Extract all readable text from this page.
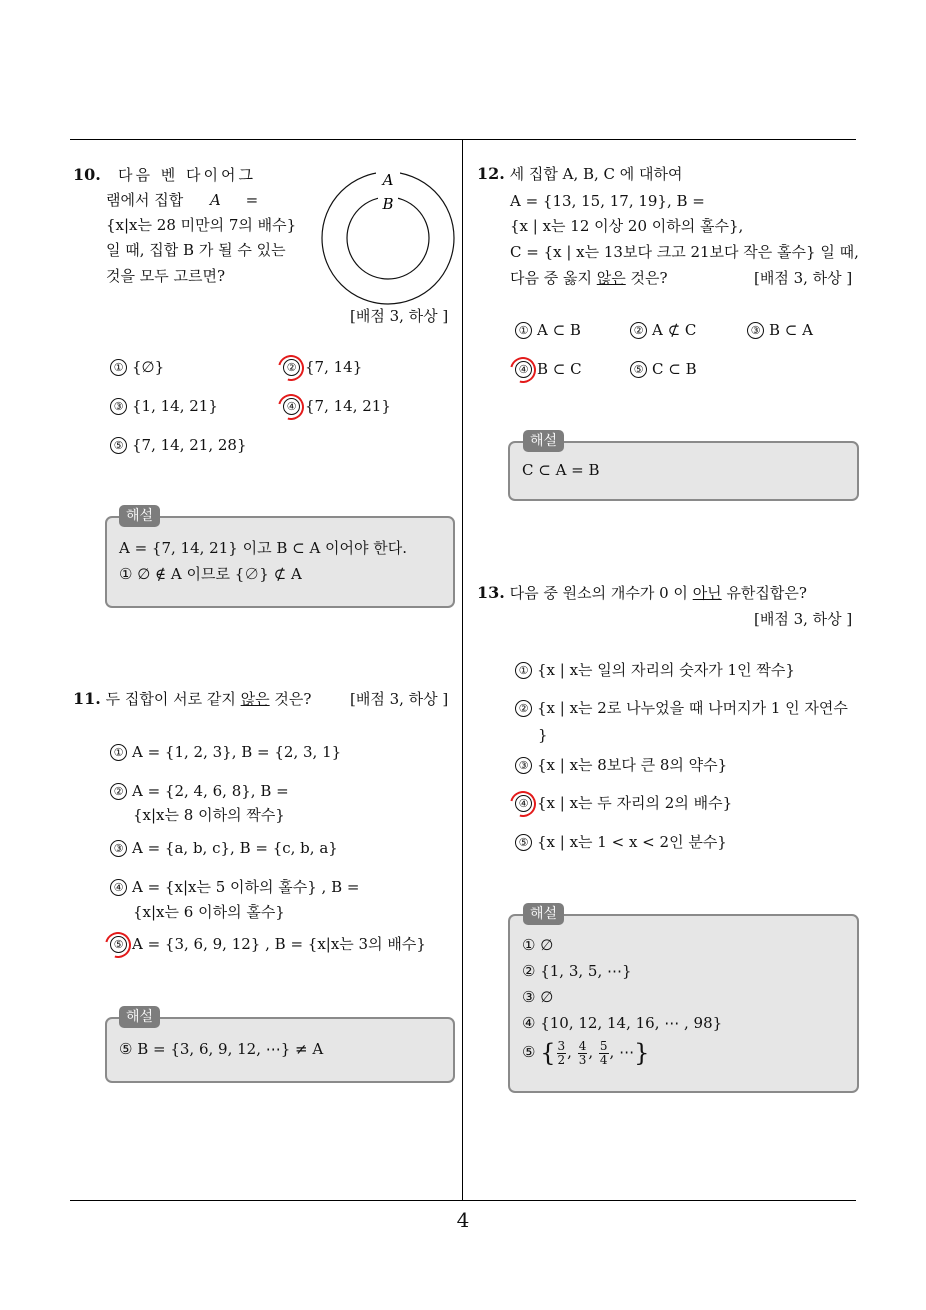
10. 다음 벤 다이어그
램에서 집합 A =
{x|x는 28 미만의 7의 배수}
일 때, 집합 B 가 될 수 있는
것을 모두 고르면?
A
B
[배점 3, 하상 ]
① {∅}	② {7, 14}
③ {1, 14, 21}	④ {7, 14, 21}
⑤ {7, 14, 21, 28}
A = {7, 14, 21} 이고 B ⊂ A 이어야 한다.
① ∅ ∉ A 이므로 {∅} ⊄ A
해설
11. 두 집합이 서로 같지 않은 것은?	[배점 3, 하상 ]
① A = {1, 2, 3}, B = {2, 3, 1}
② A = {2, 4, 6, 8}, B =
{x|x는 8 이하의 짝수}
③ A = {a, b, c}, B = {c, b, a}
④ A = {x|x는 5 이하의 홀수} , B =
{x|x는 6 이하의 홀수}
⑤ A = {3, 6, 9, 12} , B = {x|x는 3의 배수}
⑤ B = {3, 6, 9, 12, ⋯} ≠ A
해설
12. 세 집합 A, B, C 에 대하여
A = {13, 15, 17, 19}, B =
{x | x는 12 이상 20 이하의 홀수},
C = {x | x는 13보다 크고 21보다 작은 홀수} 일 때,
다음 중 옳지 않은 것은?	[배점 3, 하상 ]
① A ⊂ B	② A ⊄ C	③ B ⊂ A
④ B ⊂ C	⑤ C ⊂ B
C ⊂ A = B
해설
13. 다음 중 원소의 개수가 0 이 아닌 유한집합은?
[배점 3, 하상 ]
① {x | x는 일의 자리의 숫자가 1인 짝수}
② {x | x는 2로 나누었을 때 나머지가 1 인 자연수
}
③ {x | x는 8보다 큰 8의 약수}
④ {x | x는 두 자리의 2의 배수}
⑤ {x | x는 1 < x < 2인 분수}
① ∅
② {1, 3, 5, ⋯}
③ ∅
④ {10, 12, 14, 16, ⋯ , 98}
⑤ { $\frac{3}{2}$ , $\frac{4}{3}$ , $\frac{5}{4}$ , ⋯}
해설
4
